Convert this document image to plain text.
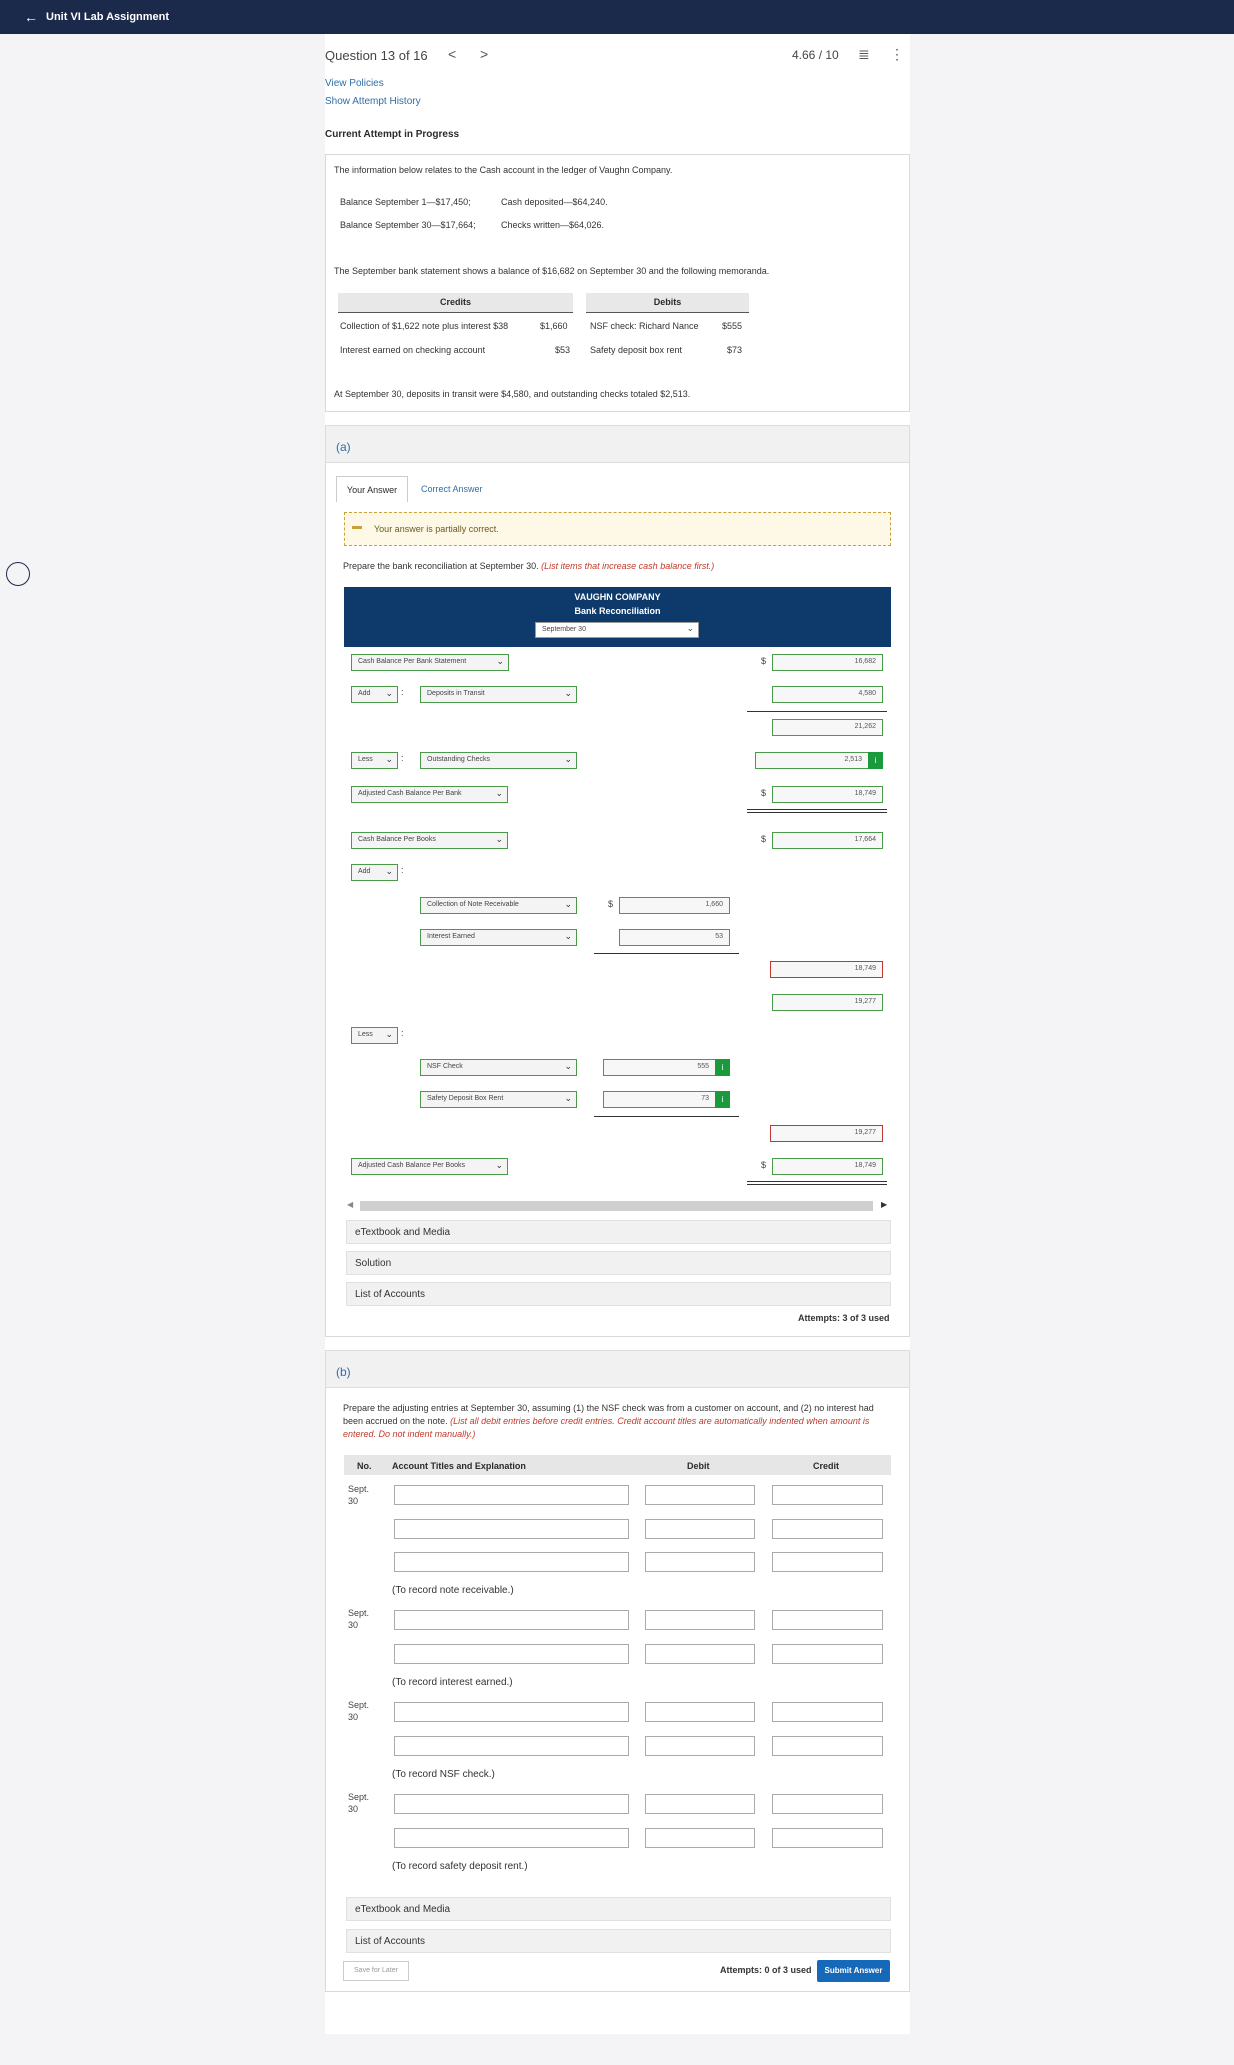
← Unit VI Lab Assignment
Question 13 of 16 < >	4.66 / 10 ≣ ⋮
View Policies
Show Attempt History
Current Attempt in Progress
The information below relates to the Cash account in the ledger of Vaughn Company.
Balance September 1—$17,450;	Cash deposited—$64,240.
Balance September 30—$17,664;	Checks written—$64,026.
The September bank statement shows a balance of $16,682 on September 30 and the following memoranda.
Credits	Debits
Collection of $1,622 note plus interest $38	$1,660 NSF check: Richard Nance	$555
Interest earned on checking account	$53 Safety deposit box rent	$73
At September 30, deposits in transit were $4,580, and outstanding checks totaled $2,513.
(a)
Your Answer	Correct Answer
Your answer is partially correct.
Prepare the bank reconciliation at September 30. (List items that increase cash balance first.)
VAUGHN COMPANY
Bank Reconciliation
September 30	⌄
Cash Balance Per Bank Statement	⌄	$	16,682
Add ⌄ :	Deposits in Transit	⌄	4,580
21,262
Less ⌄ :	Outstanding Checks	⌄	2,513	i
Adjusted Cash Balance Per Bank	⌄	$	18,749
Cash Balance Per Books	⌄	$	17,664
Add ⌄ :
Collection of Note Receivable	⌄	$	1,660
Interest Earned	⌄	53
18,749
19,277
Less ⌄ :
NSF Check	⌄	555	i
Safety Deposit Box Rent	⌄	73	i
19,277
Adjusted Cash Balance Per Books	⌄	$	18,749
◀	▶
eTextbook and Media
Solution
List of Accounts
Attempts: 3 of 3 used
(b)
Prepare the adjusting entries at September 30, assuming (1) the NSF check was from a customer on account, and (2) no interest had been accrued on the note. (List all debit entries before credit entries. Credit account titles are automatically indented when amount is entered. Do not indent manually.)
No. Account Titles and Explanation	Debit	Credit
Sept.
30
(To record note receivable.)
Sept.
30
(To record interest earned.)
Sept.
30
(To record NSF check.)
Sept.
30
(To record safety deposit rent.)
eTextbook and Media
List of Accounts
Save for Later	Attempts: 0 of 3 used	Submit Answer
